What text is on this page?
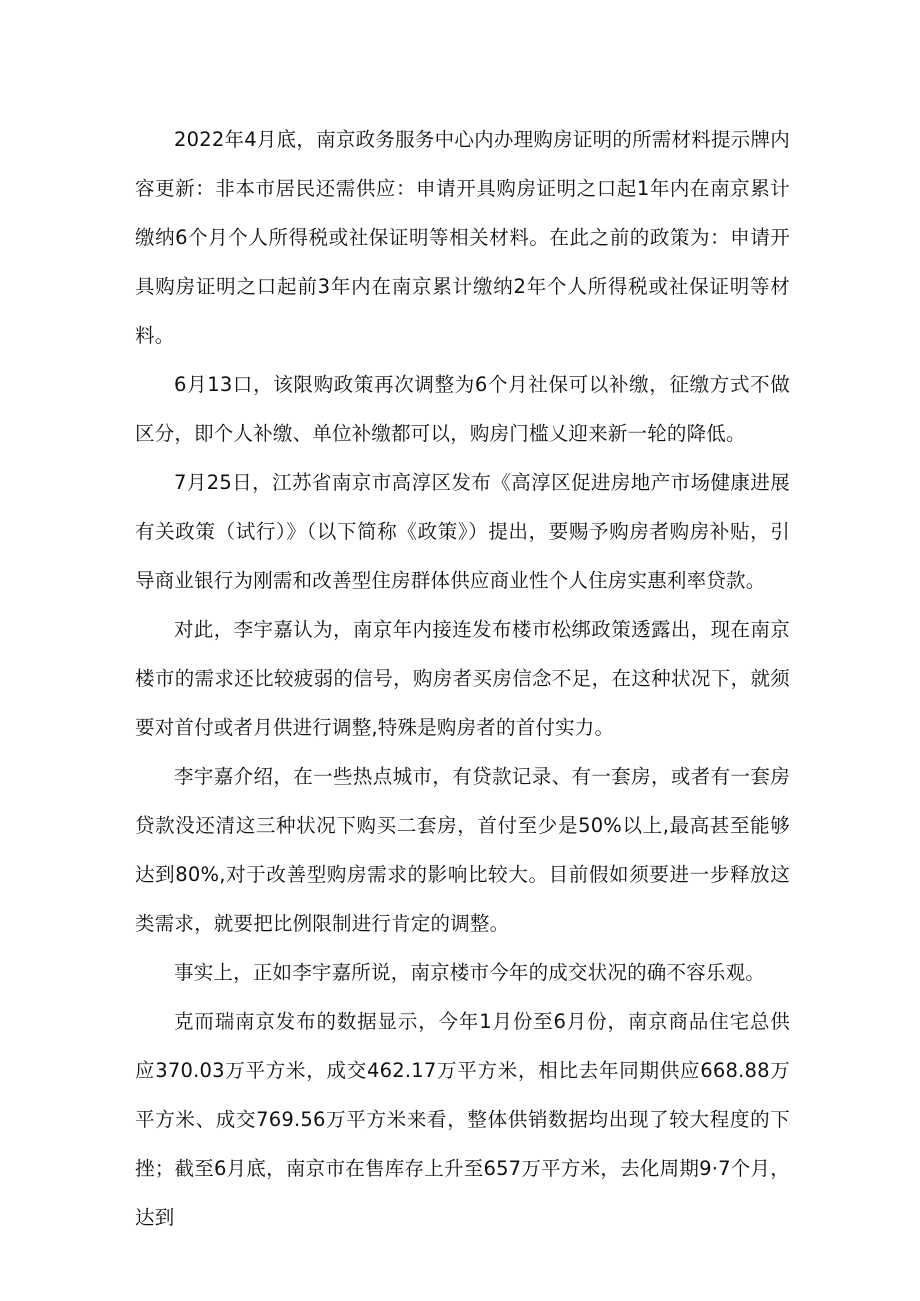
2022年4月底，南京政务服务中心内办理购房证明的所需材料提示牌内容更新：非本市居民还需供应：申请开具购房证明之口起1年内在南京累计缴纳6个月个人所得税或社保证明等相关材料。在此之前的政策为：申请开具购房证明之口起前3年内在南京累计缴纳2年个人所得税或社保证明等材料。

6月13口，该限购政策再次调整为6个月社保可以补缴，征缴方式不做区分，即个人补缴、单位补缴都可以，购房门槛乂迎来新一轮的降低。

7月25日，江苏省南京市高淳区发布《高淳区促进房地产市场健康进展有关政策（试行）》（以下简称《政策》）提出，要赐予购房者购房补贴，引导商业银行为刚需和改善型住房群体供应商业性个人住房实惠利率贷款。

对此，李宇嘉认为，南京年内接连发布楼市松绑政策透露出，现在南京楼市的需求还比较疲弱的信号，购房者买房信念不足，在这种状况下，就须要对首付或者月供进行调整,特殊是购房者的首付实力。

李宇嘉介绍，在一些热点城市，有贷款记录、有一套房，或者有一套房贷款没还清这三种状况下购买二套房，首付至少是50%以上,最高甚至能够达到80%,对于改善型购房需求的影响比较大。目前假如须要进一步释放这类需求，就要把比例限制进行肯定的调整。

事实上，正如李宇嘉所说，南京楼市今年的成交状况的确不容乐观。

克而瑞南京发布的数据显示，今年1月份至6月份，南京商品住宅总供应370.03万平方米，成交462.17万平方米，相比去年同期供应668.88万平方米、成交769.56万平方米来看，整体供销数据均出现了较大程度的下挫；截至6月底，南京市在售库存上升至657万平方米，去化周期9·7个月，达到
